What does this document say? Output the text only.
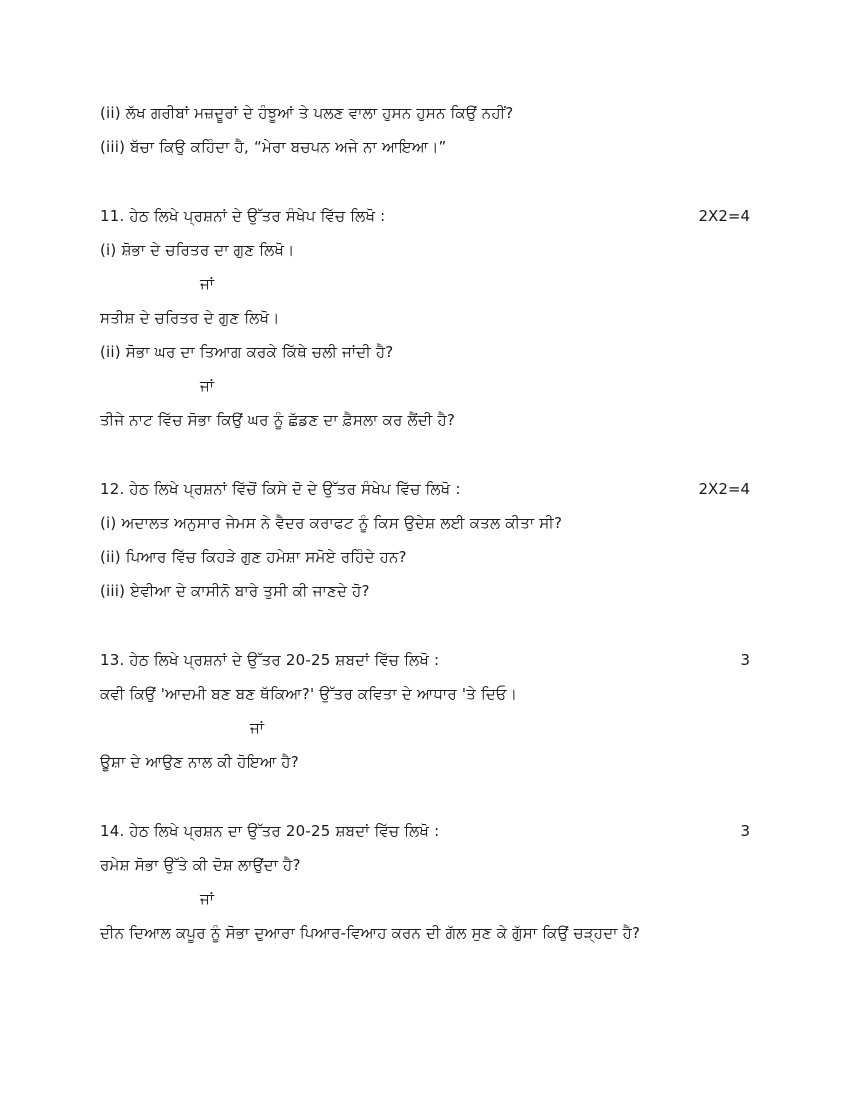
(ii) ਲੱਖ ਗਰੀਬਾਂ ਮਜ਼ਦੂਰਾਂ ਦੇ ਹੰਝੂਆਂ ਤੇ ਪਲਣ ਵਾਲਾ ਹੁਸਨ ਹੁਸਨ ਕਿਉਂ ਨਹੀਂ?
(iii) ਬੱਚਾ ਕਿਉ ਕਹਿੰਦਾ ਹੈ, “ਮੇਰਾ ਬਚਪਨ ਅਜੇ ਨਾ ਆਇਆ।”
11. ਹੇਠ ਲਿਖੇ ਪ੍ਰਸ਼ਨਾਂ ਦੇ ਉੱਤਰ ਸੰਖੇਪ ਵਿੱਚ ਲਿਖੋ :	2X2=4
(i) ਸ਼ੋਭਾ ਦੇ ਚਰਿਤਰ ਦਾ ਗੁਣ ਲਿਖੋ।
ਜਾਂ
ਸਤੀਸ਼ ਦੇ ਚਰਿਤਰ ਦੇ ਗੁਣ ਲਿਖੋ।
(ii) ਸੋਭਾ ਘਰ ਦਾ ਤਿਆਗ ਕਰਕੇ ਕਿੱਥੇ ਚਲੀ ਜਾਂਦੀ ਹੈ?
ਜਾਂ
ਤੀਜੇ ਨਾਟ ਵਿੱਚ ਸੋਭਾ ਕਿਉਂ ਘਰ ਨੂੰ ਛੱਡਣ ਦਾ ਫ਼ੈਸਲਾ ਕਰ ਲੈਂਦੀ ਹੈ?
12. ਹੇਠ ਲਿਖੇ ਪ੍ਰਸ਼ਨਾਂ ਵਿੱਚੋਂ ਕਿਸੇ ਦੋ ਦੇ ਉੱਤਰ ਸੰਖੇਪ ਵਿੱਚ ਲਿਖੋ :	2X2=4
(i) ਅਦਾਲਤ ਅਨੁਸਾਰ ਜੇਮਸ ਨੇ ਵੈਦਰ ਕਰਾਫਟ ਨੂੰ ਕਿਸ ਉਦੇਸ਼ ਲਈ ਕਤਲ ਕੀਤਾ ਸੀ?
(ii) ਪਿਆਰ ਵਿੱਚ ਕਿਹੜੇ ਗੁਣ ਹਮੇਸ਼ਾ ਸਮੋਏ ਰਹਿੰਦੇ ਹਨ?
(iii) ਏਵੀਆ ਦੇ ਕਾਸੀਨੋ ਬਾਰੇ ਤੁਸੀ ਕੀ ਜਾਣਦੇ ਹੋ?
13. ਹੇਠ ਲਿਖੇ ਪ੍ਰਸ਼ਨਾਂ ਦੇ ਉੱਤਰ 20-25 ਸ਼ਬਦਾਂ ਵਿੱਚ ਲਿਖੋ :	3
ਕਵੀ ਕਿਉਂ 'ਆਦਮੀ ਬਣ ਬਣ ਥੱਕਿਆ?' ਉੱਤਰ ਕਵਿਤਾ ਦੇ ਆਧਾਰ 'ਤੇ ਦਿਓ।
ਜਾਂ
ਊਸ਼ਾ ਦੇ ਆਉਣ ਨਾਲ ਕੀ ਹੋਇਆ ਹੈ?
14. ਹੇਠ ਲਿਖੇ ਪ੍ਰਸ਼ਨ ਦਾ ਉੱਤਰ 20-25 ਸ਼ਬਦਾਂ ਵਿੱਚ ਲਿਖੋ :	3
ਰਮੇਸ਼ ਸੋਭਾ ਉੱਤੇ ਕੀ ਦੋਸ਼ ਲਾਉਂਦਾ ਹੈ?
ਜਾਂ
ਦੀਨ ਦਿਆਲ ਕਪੂਰ ਨੂੰ ਸੋਭਾ ਦੁਆਰਾ ਪਿਆਰ-ਵਿਆਹ ਕਰਨ ਦੀ ਗੱਲ ਸੁਣ ਕੇ ਗੁੱਸਾ ਕਿਉਂ ਚੜ੍ਹਦਾ ਹੈ?
